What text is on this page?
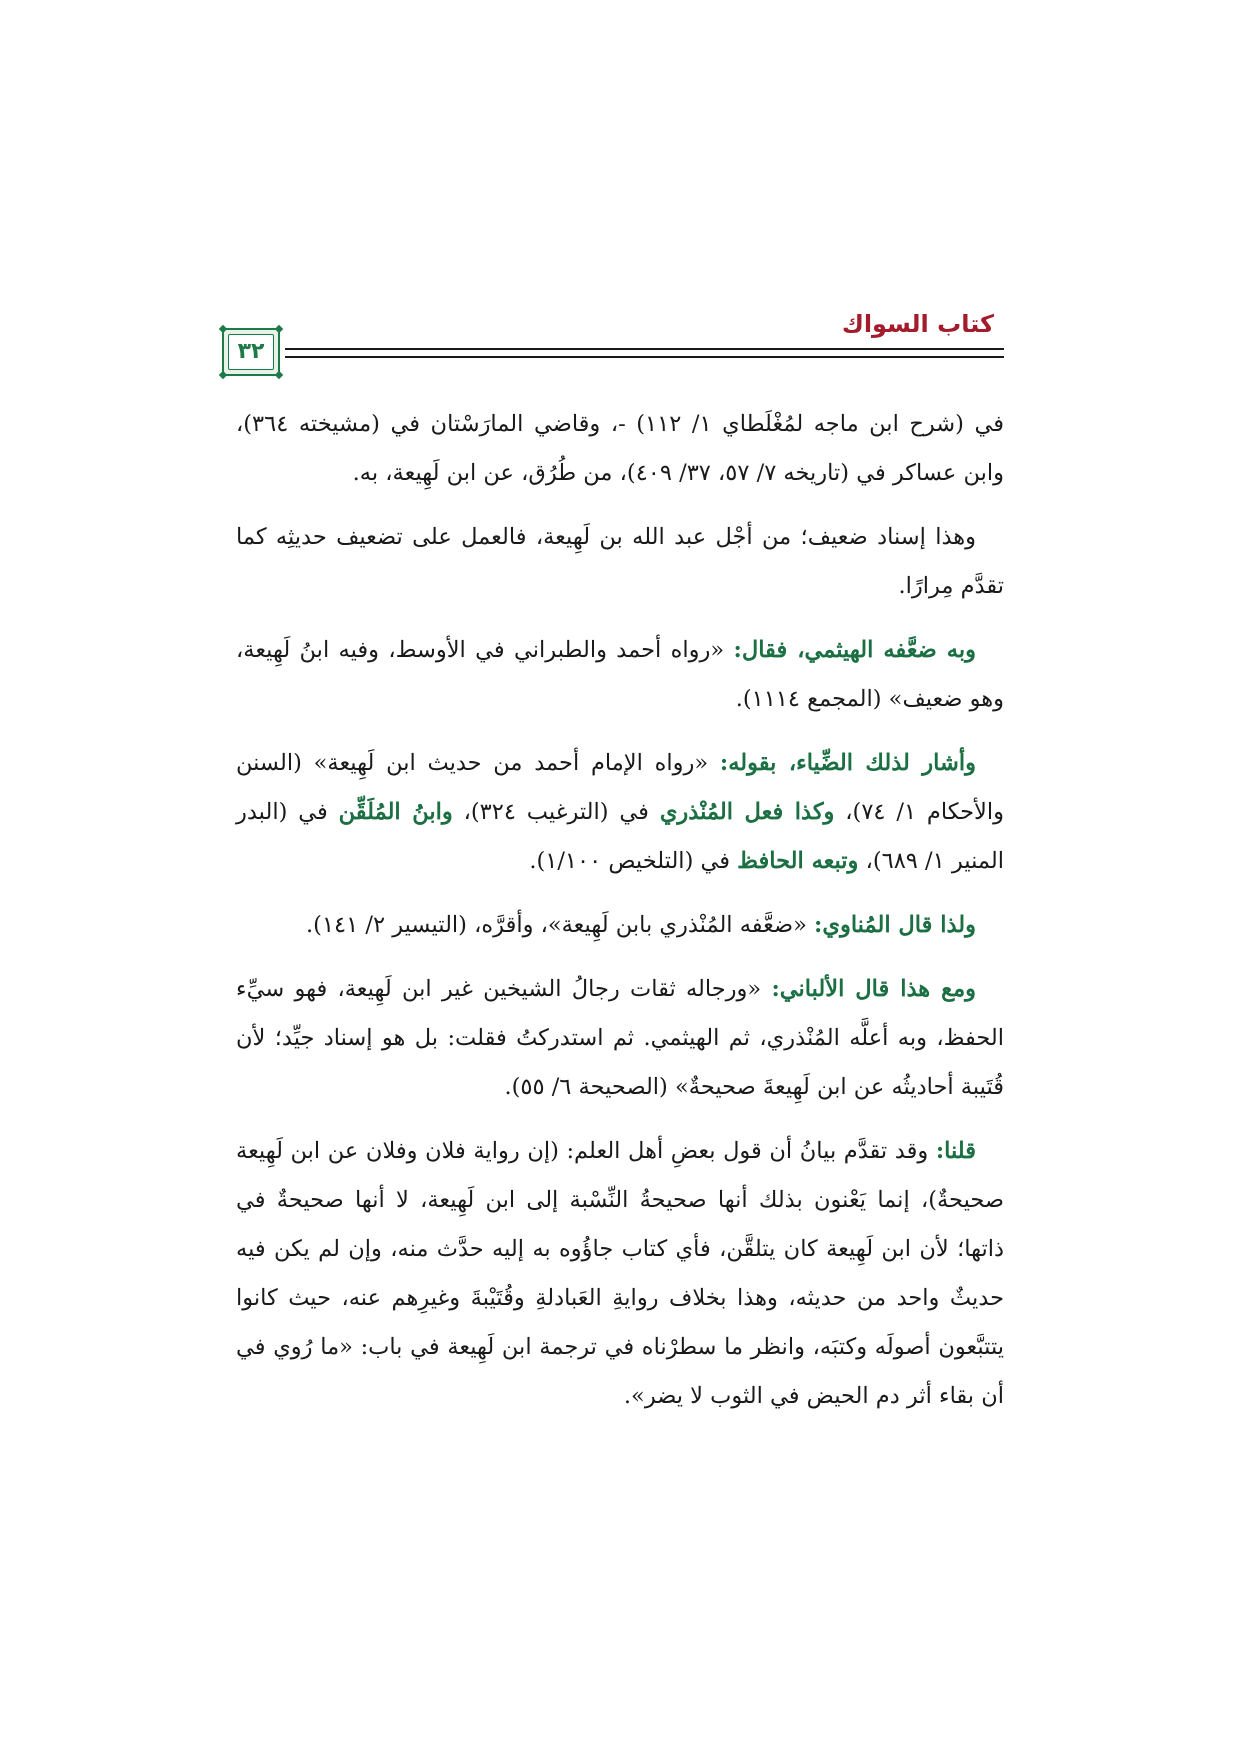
كتاب السواك
٣٢

في (شرح ابن ماجه لمُغْلَطاي ١/ ١١٢) -، وقاضي المارَسْتان في (مشيخته ٣٦٤)، وابن عساكر في (تاريخه ٧/ ٥٧، ٣٧/ ٤٠٩)، من طُرُق، عن ابن لَهِيعة، به.

وهذا إسناد ضعيف؛ من أجْل عبد الله بن لَهِيعة، فالعمل على تضعيف حديثِه كما تقدَّم مِرارًا.

وبه ضعَّفه الهيثمي، فقال: «رواه أحمد والطبراني في الأوسط، وفيه ابنُ لَهِيعة، وهو ضعيف» (المجمع ١١١٤).

وأشار لذلك الضِّياء، بقوله: «رواه الإمام أحمد من حديث ابن لَهِيعة» (السنن والأحكام ١/ ٧٤)، وكذا فعل المُنْذري في (الترغيب ٣٢٤)، وابنُ المُلَقِّن في (البدر المنير ١/ ٦٨٩)، وتبعه الحافظ في (التلخيص ١/١٠٠).

ولذا قال المُناوي: «ضعَّفه المُنْذري بابن لَهِيعة»، وأقرَّه، (التيسير ٢/ ١٤١).

ومع هذا قال الألباني: «ورجاله ثقات رجالُ الشيخين غير ابن لَهِيعة، فهو سيِّء الحفظ، وبه أعلَّه المُنْذري، ثم الهيثمي. ثم استدركتُ فقلت: بل هو إسناد جيِّد؛ لأن قُتَيبة أحاديثُه عن ابن لَهِيعةَ صحيحةٌ» (الصحيحة ٦/ ٥٥).

قلنا: وقد تقدَّم بيانُ أن قول بعضِ أهل العلم: (إن رواية فلان وفلان عن ابن لَهِيعة صحيحةٌ)، إنما يَعْنون بذلك أنها صحيحةُ النِّسْبة إلى ابن لَهِيعة، لا أنها صحيحةٌ في ذاتها؛ لأن ابن لَهِيعة كان يتلقَّن، فأي كتاب جاؤُوه به إليه حدَّث منه، وإن لم يكن فيه حديثٌ واحد من حديثه، وهذا بخلاف روايةِ العَبادلةِ وقُتَيْبةَ وغيرِهم عنه، حيث كانوا يتتبَّعون أصولَه وكتبَه، وانظر ما سطرْناه في ترجمة ابن لَهِيعة في باب: «ما رُوي في أن بقاء أثر دم الحيض في الثوب لا يضر».
